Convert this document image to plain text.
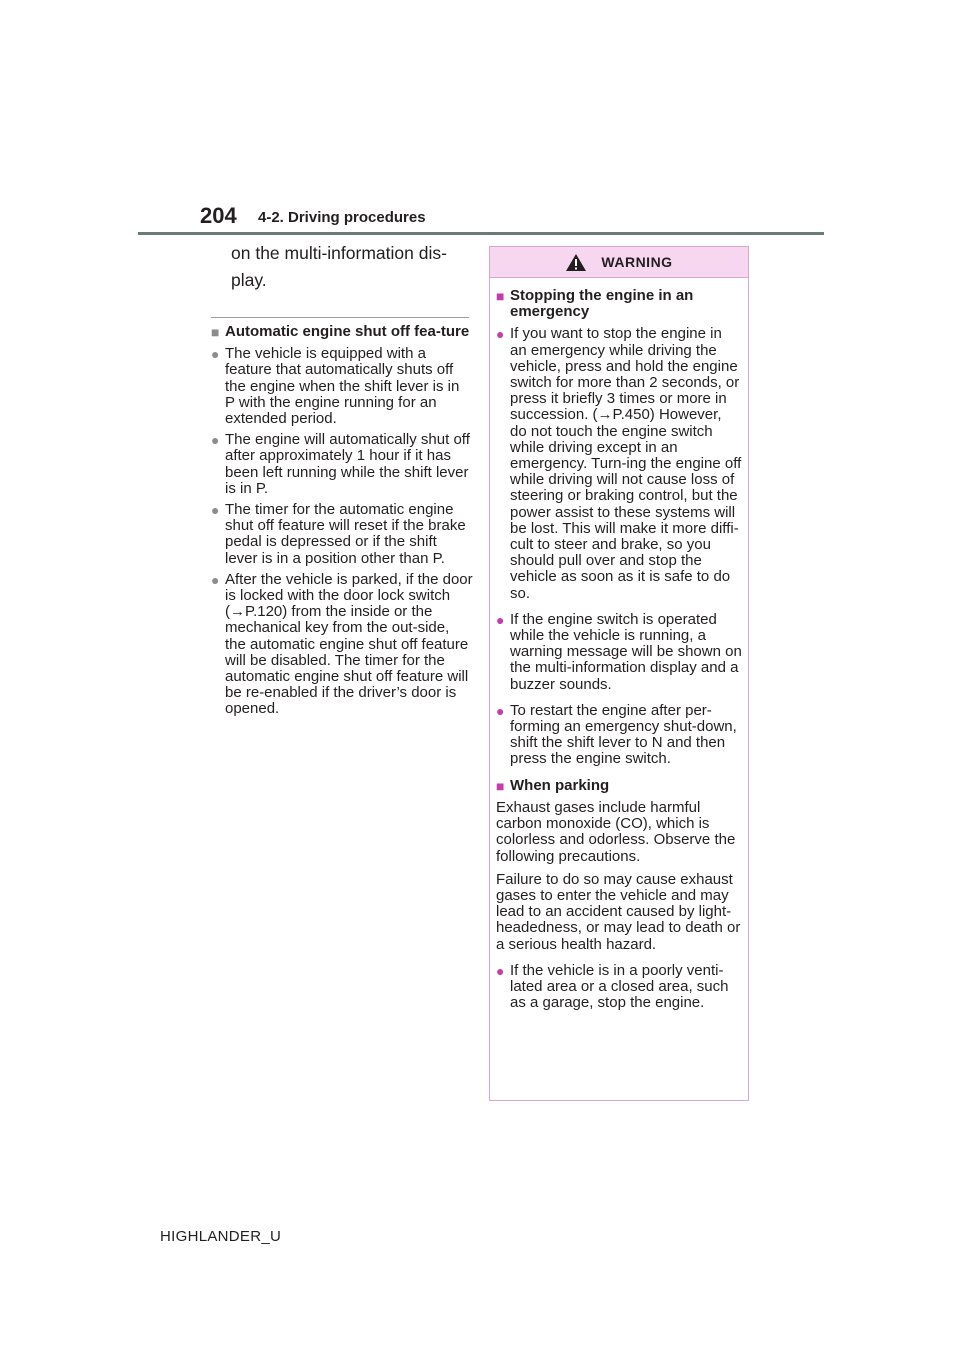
204 4-2. Driving procedures

on the multi-information dis-play.

■ Automatic engine shut off fea-ture
● The vehicle is equipped with a feature that automatically shuts off the engine when the shift lever is in P with the engine running for an extended period.
● The engine will automatically shut off after approximately 1 hour if it has been left running while the shift lever is in P.
● The timer for the automatic engine shut off feature will reset if the brake pedal is depressed or if the shift lever is in a position other than P.
● After the vehicle is parked, if the door is locked with the door lock switch (→P.120) from the inside or the mechanical key from the out-side, the automatic engine shut off feature will be disabled. The timer for the automatic engine shut off feature will be re-enabled if the driver’s door is opened.
WARNING
■ Stopping the engine in an emergency
● If you want to stop the engine in an emergency while driving the vehicle, press and hold the engine switch for more than 2 seconds, or press it briefly 3 times or more in succession. (→P.450) However, do not touch the engine switch while driving except in an emergency. Turn-ing the engine off while driving will not cause loss of steering or braking control, but the power assist to these systems will be lost. This will make it more diffi-cult to steer and brake, so you should pull over and stop the vehicle as soon as it is safe to do so.
● If the engine switch is operated while the vehicle is running, a warning message will be shown on the multi-information display and a buzzer sounds.
● To restart the engine after per-forming an emergency shut-down, shift the shift lever to N and then press the engine switch.
■ When parking

Exhaust gases include harmful carbon monoxide (CO), which is colorless and odorless. Observe the following precautions.

Failure to do so may cause exhaust gases to enter the vehicle and may lead to an accident caused by light-headedness, or may lead to death or a serious health hazard.

● If the vehicle is in a poorly venti-lated area or a closed area, such as a garage, stop the engine.
HIGHLANDER_U
